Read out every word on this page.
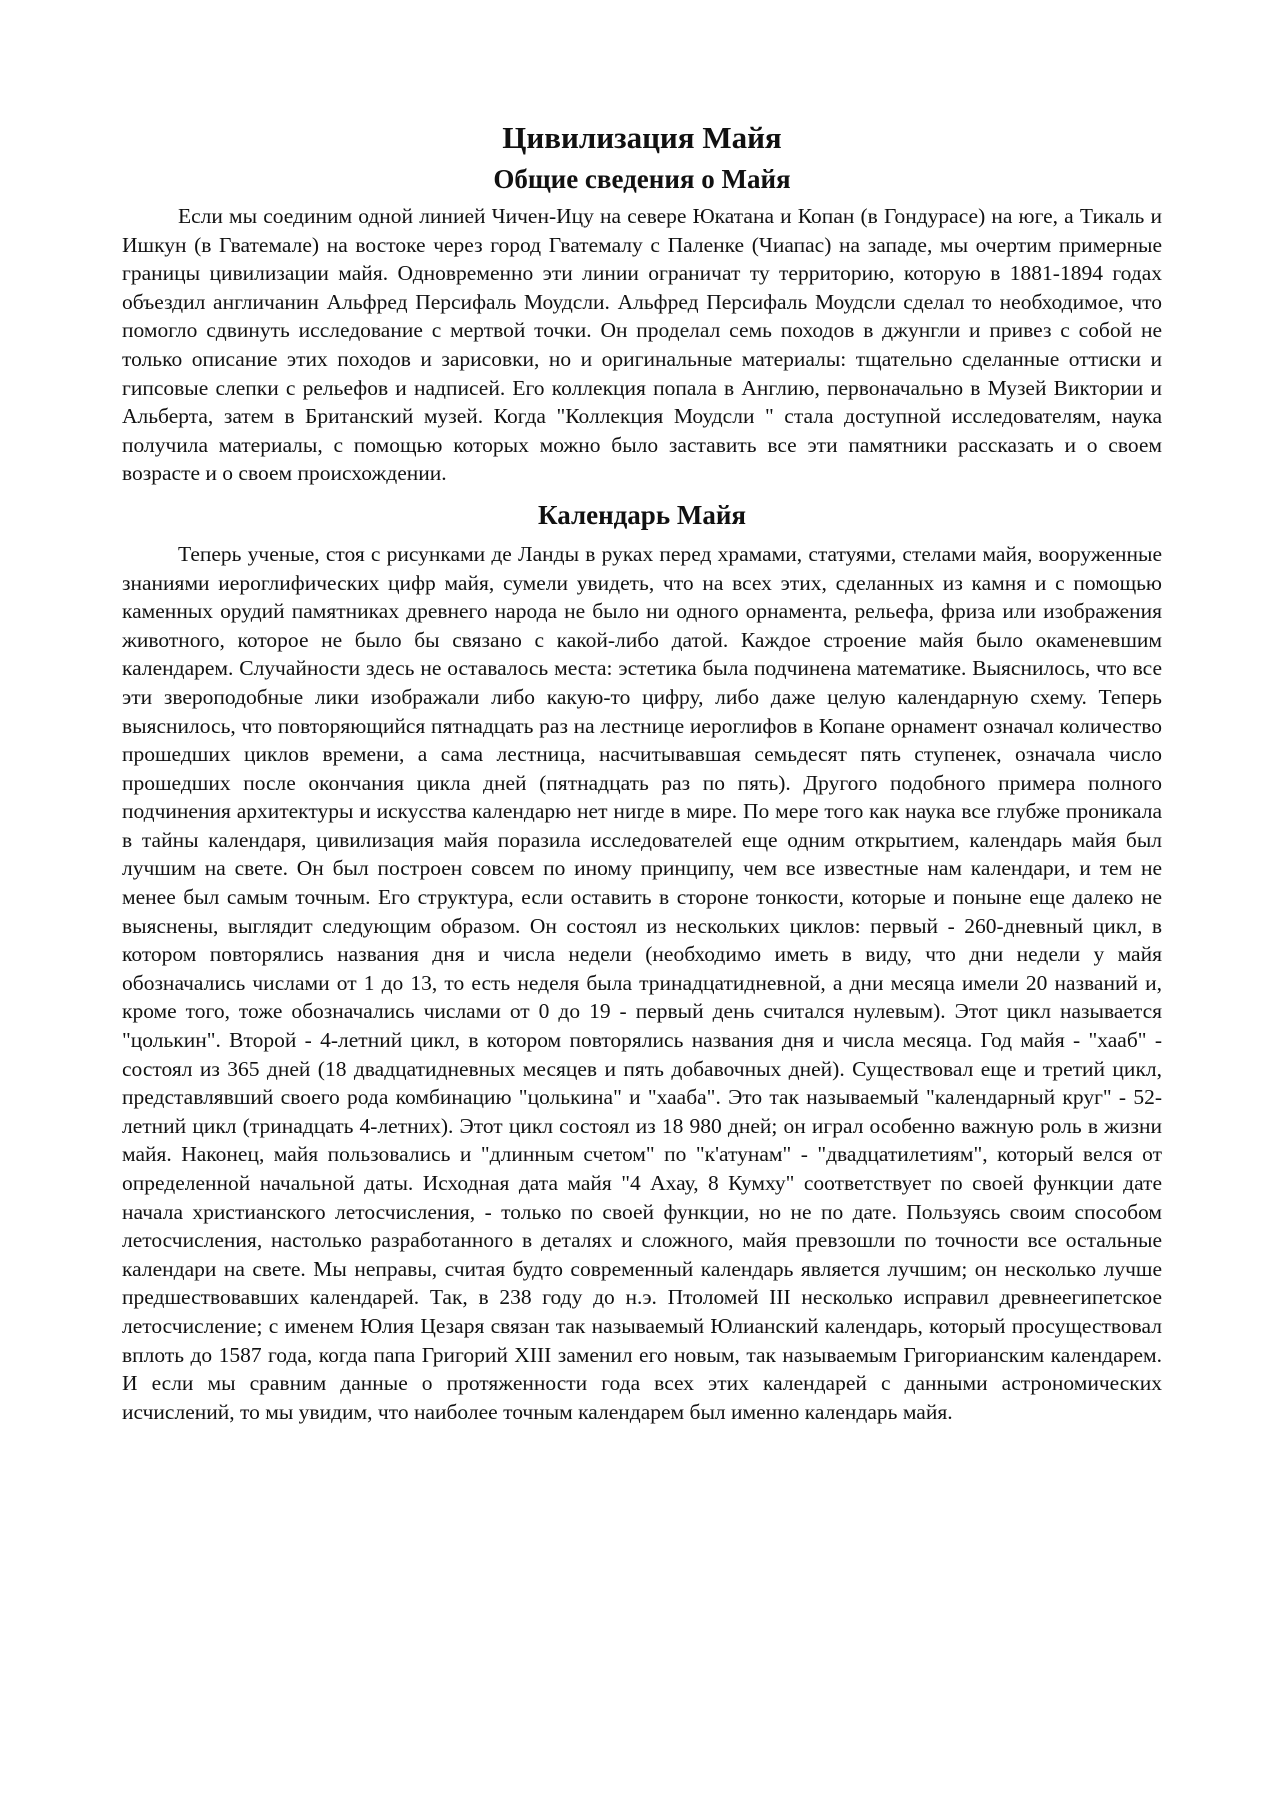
Цивилизация Майя
Общие сведения о Майя

Если мы соединим одной линией Чичен-Ицу на севере Юкатана и Копан (в Гондурасе) на юге, а Тикаль и Ишкун (в Гватемале) на востоке через город Гватемалу с Паленке (Чиапас) на западе, мы очертим примерные границы цивилизации майя. Одновременно эти линии ограничат ту территорию, которую в 1881-1894 годах объездил англичанин Альфред Персифаль Моудсли. Альфред Персифаль Моудсли сделал то необходимое, что помогло сдвинуть исследование с мертвой точки. Он проделал семь походов в джунгли и привез с собой не только описание этих походов и зарисовки, но и оригинальные материалы: тщательно сделанные оттиски и гипсовые слепки с рельефов и надписей. Его коллекция попала в Англию, первоначально в Музей Виктории и Альберта, затем в Британский музей. Когда "Коллекция Моудсли " стала доступной исследователям, наука получила материалы, с помощью которых можно было заставить все эти памятники рассказать и о своем возрасте и о своем происхождении.

Календарь Майя

Теперь ученые, стоя с рисунками де Ланды в руках перед храмами, статуями, стелами майя, вооруженные знаниями иероглифических цифр майя, сумели увидеть, что на всех этих, сделанных из камня и с помощью каменных орудий памятниках древнего народа не было ни одного орнамента, рельефа, фриза или изображения животного, которое не было бы связано с какой-либо датой. Каждое строение майя было окаменевшим календарем. Случайности здесь не оставалось места: эстетика была подчинена математике. Выяснилось, что все эти звероподобные лики изображали либо какую-то цифру, либо даже целую календарную схему. Теперь выяснилось, что повторяющийся пятнадцать раз на лестнице иероглифов в Копане орнамент означал количество прошедших циклов времени, а сама лестница, насчитывавшая семьдесят пять ступенек, означала число прошедших после окончания цикла дней (пятнадцать раз по пять). Другого подобного примера полного подчинения архитектуры и искусства календарю нет нигде в мире. По мере того как наука все глубже проникала в тайны календаря, цивилизация майя поразила исследователей еще одним открытием, календарь майя был лучшим на свете. Он был построен совсем по иному принципу, чем все известные нам календари, и тем не менее был самым точным. Его структура, если оставить в стороне тонкости, которые и поныне еще далеко не выяснены, выглядит следующим образом. Он состоял из нескольких циклов: первый - 260-дневный цикл, в котором повторялись названия дня и числа недели (необходимо иметь в виду, что дни недели у майя обозначались числами от 1 до 13, то есть неделя была тринадцатидневной, а дни месяца имели 20 названий и, кроме того, тоже обозначались числами от 0 до 19 - первый день считался нулевым). Этот цикл называется "цолькин". Второй - 4-летний цикл, в котором повторялись названия дня и числа месяца. Год майя - "хааб" - состоял из 365 дней (18 двадцатидневных месяцев и пять добавочных дней). Существовал еще и третий цикл, представлявший своего рода комбинацию "цолькина" и "хааба". Это так называемый "календарный круг" - 52-летний цикл (тринадцать 4-летних). Этот цикл состоял из 18 980 дней; он играл особенно важную роль в жизни майя. Наконец, майя пользовались и "длинным счетом" по "к'атунам" - "двадцатилетиям", который велся от определенной начальной даты. Исходная дата майя "4 Ахау, 8 Кумху" соответствует по своей функции дате начала христианского летосчисления, - только по своей функции, но не по дате. Пользуясь своим способом летосчисления, настолько разработанного в деталях и сложного, майя превзошли по точности все остальные календари на свете. Мы неправы, считая будто современный календарь является лучшим; он несколько лучше предшествовавших календарей. Так, в 238 году до н.э. Птоломей III несколько исправил древнеегипетское летосчисление; с именем Юлия Цезаря связан так называемый Юлианский календарь, который просуществовал вплоть до 1587 года, когда папа Григорий XIII заменил его новым, так называемым Григорианским календарем. И если мы сравним данные о протяженности года всех этих календарей с данными астрономических исчислений, то мы увидим, что наиболее точным календарем был именно календарь майя.
